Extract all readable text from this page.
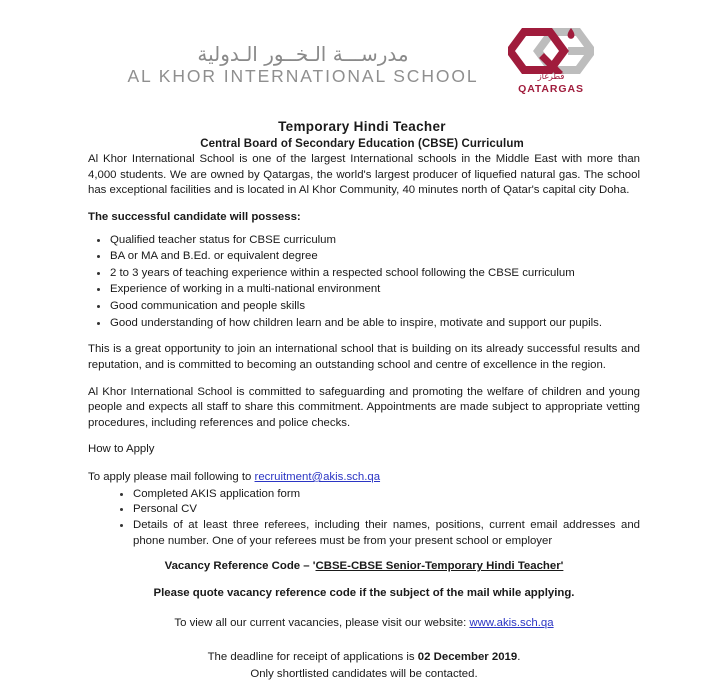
مدرســـة الـخــور الـدولية
AL KHOR INTERNATIONAL SCHOOL	قطرغاز
QATARGAS
Temporary Hindi Teacher
Central Board of Secondary Education (CBSE) Curriculum

Al Khor International School is one of the largest International schools in the Middle East with more than 4,000 students. We are owned by Qatargas, the world's largest producer of liquefied natural gas. The school has exceptional facilities and is located in Al Khor Community, 40 minutes north of Qatar's capital city Doha.

The successful candidate will possess:
Qualified teacher status for CBSE curriculum
BA or MA and B.Ed. or equivalent degree
2 to 3 years of teaching experience within a respected school following the CBSE curriculum
Experience of working in a multi-national environment
Good communication and people skills
Good understanding of how children learn and be able to inspire, motivate and support our pupils.

This is a great opportunity to join an international school that is building on its already successful results and reputation, and is committed to becoming an outstanding school and centre of excellence in the region.

Al Khor International School is committed to safeguarding and promoting the welfare of children and young people and expects all staff to share this commitment. Appointments are made subject to appropriate vetting procedures, including references and police checks.

How to Apply
To apply please mail following to recruitment@akis.sch.qa
Completed AKIS application form
Personal CV
Details of at least three referees, including their names, positions, current email addresses and phone number. One of your referees must be from your present school or employer
Vacancy Reference Code – 'CBSE-CBSE Senior-Temporary Hindi Teacher'
Please quote vacancy reference code if the subject of the mail while applying.
To view all our current vacancies, please visit our website: www.akis.sch.qa
The deadline for receipt of applications is 02 December 2019.
Only shortlisted candidates will be contacted.
